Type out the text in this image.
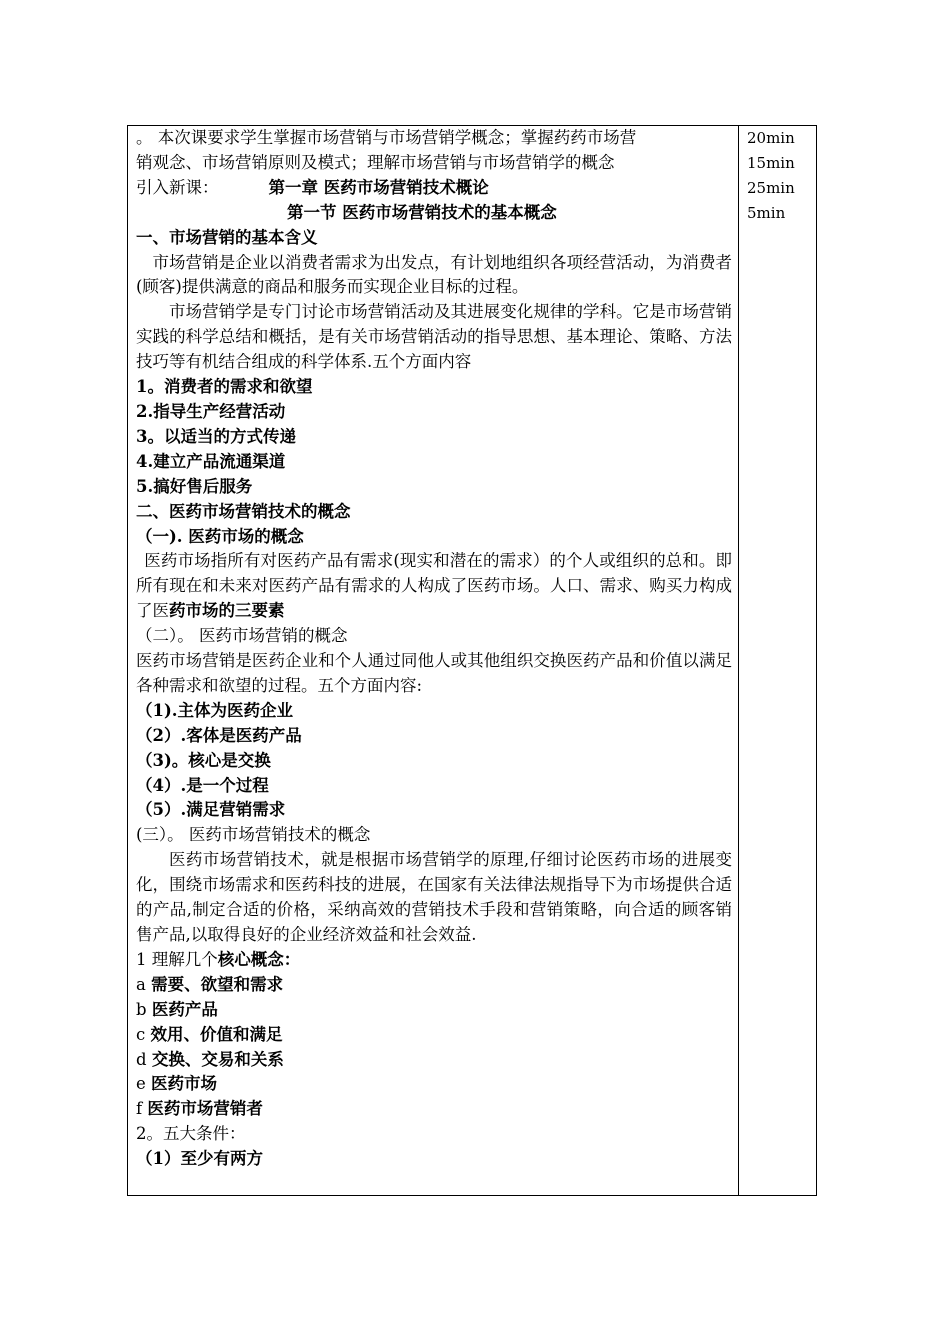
。 本次课要求学生掌握市场营销与市场营销学概念；掌握药药市场营

销观念、市场营销原则及模式；理解市场营销与市场营销学的概念

引入新课：	第一章 医药市场营销技术概论

第一节 医药市场营销技术的基本概念

一、市场营销的基本含义

市场营销是企业以消费者需求为出发点，有计划地组织各项经营活动，为消费者(顾客)提供满意的商品和服务而实现企业目标的过程。

市场营销学是专门讨论市场营销活动及其进展变化规律的学科。它是市场营销实践的科学总结和概括，是有关市场营销活动的指导思想、基本理论、策略、方法技巧等有机结合组成的科学体系.五个方面内容

1。消费者的需求和欲望

2.指导生产经营活动

3。以适当的方式传递

4.建立产品流通渠道

5.搞好售后服务

二、医药市场营销技术的概念

（一). 医药市场的概念

医药市场指所有对医药产品有需求(现实和潜在的需求）的个人或组织的总和。即所有现在和未来对医药产品有需求的人构成了医药市场。人口、需求、购买力构成了医药市场的三要素

（二）。 医药市场营销的概念

医药市场营销是医药企业和个人通过同他人或其他组织交换医药产品和价值以满足各种需求和欲望的过程。五个方面内容:

（1).主体为医药企业

（2）.客体是医药产品

（3)。核心是交换

（4）.是一个过程

（5）.满足营销需求

(三）。 医药市场营销技术的概念

医药市场营销技术，就是根据市场营销学的原理,仔细讨论医药市场的进展变化，围绕市场需求和医药科技的进展，在国家有关法律法规指导下为市场提供合适的产品,制定合适的价格，采纳高效的营销技术手段和营销策略，向合适的顾客销售产品,以取得良好的企业经济效益和社会效益.

1 理解几个核心概念：

a 需要、欲望和需求

b 医药产品

c 效用、价值和满足

d 交换、交易和关系

e 医药市场

f 医药市场营销者

2。五大条件：

（1）至少有两方

20min
15min
25min
5min
